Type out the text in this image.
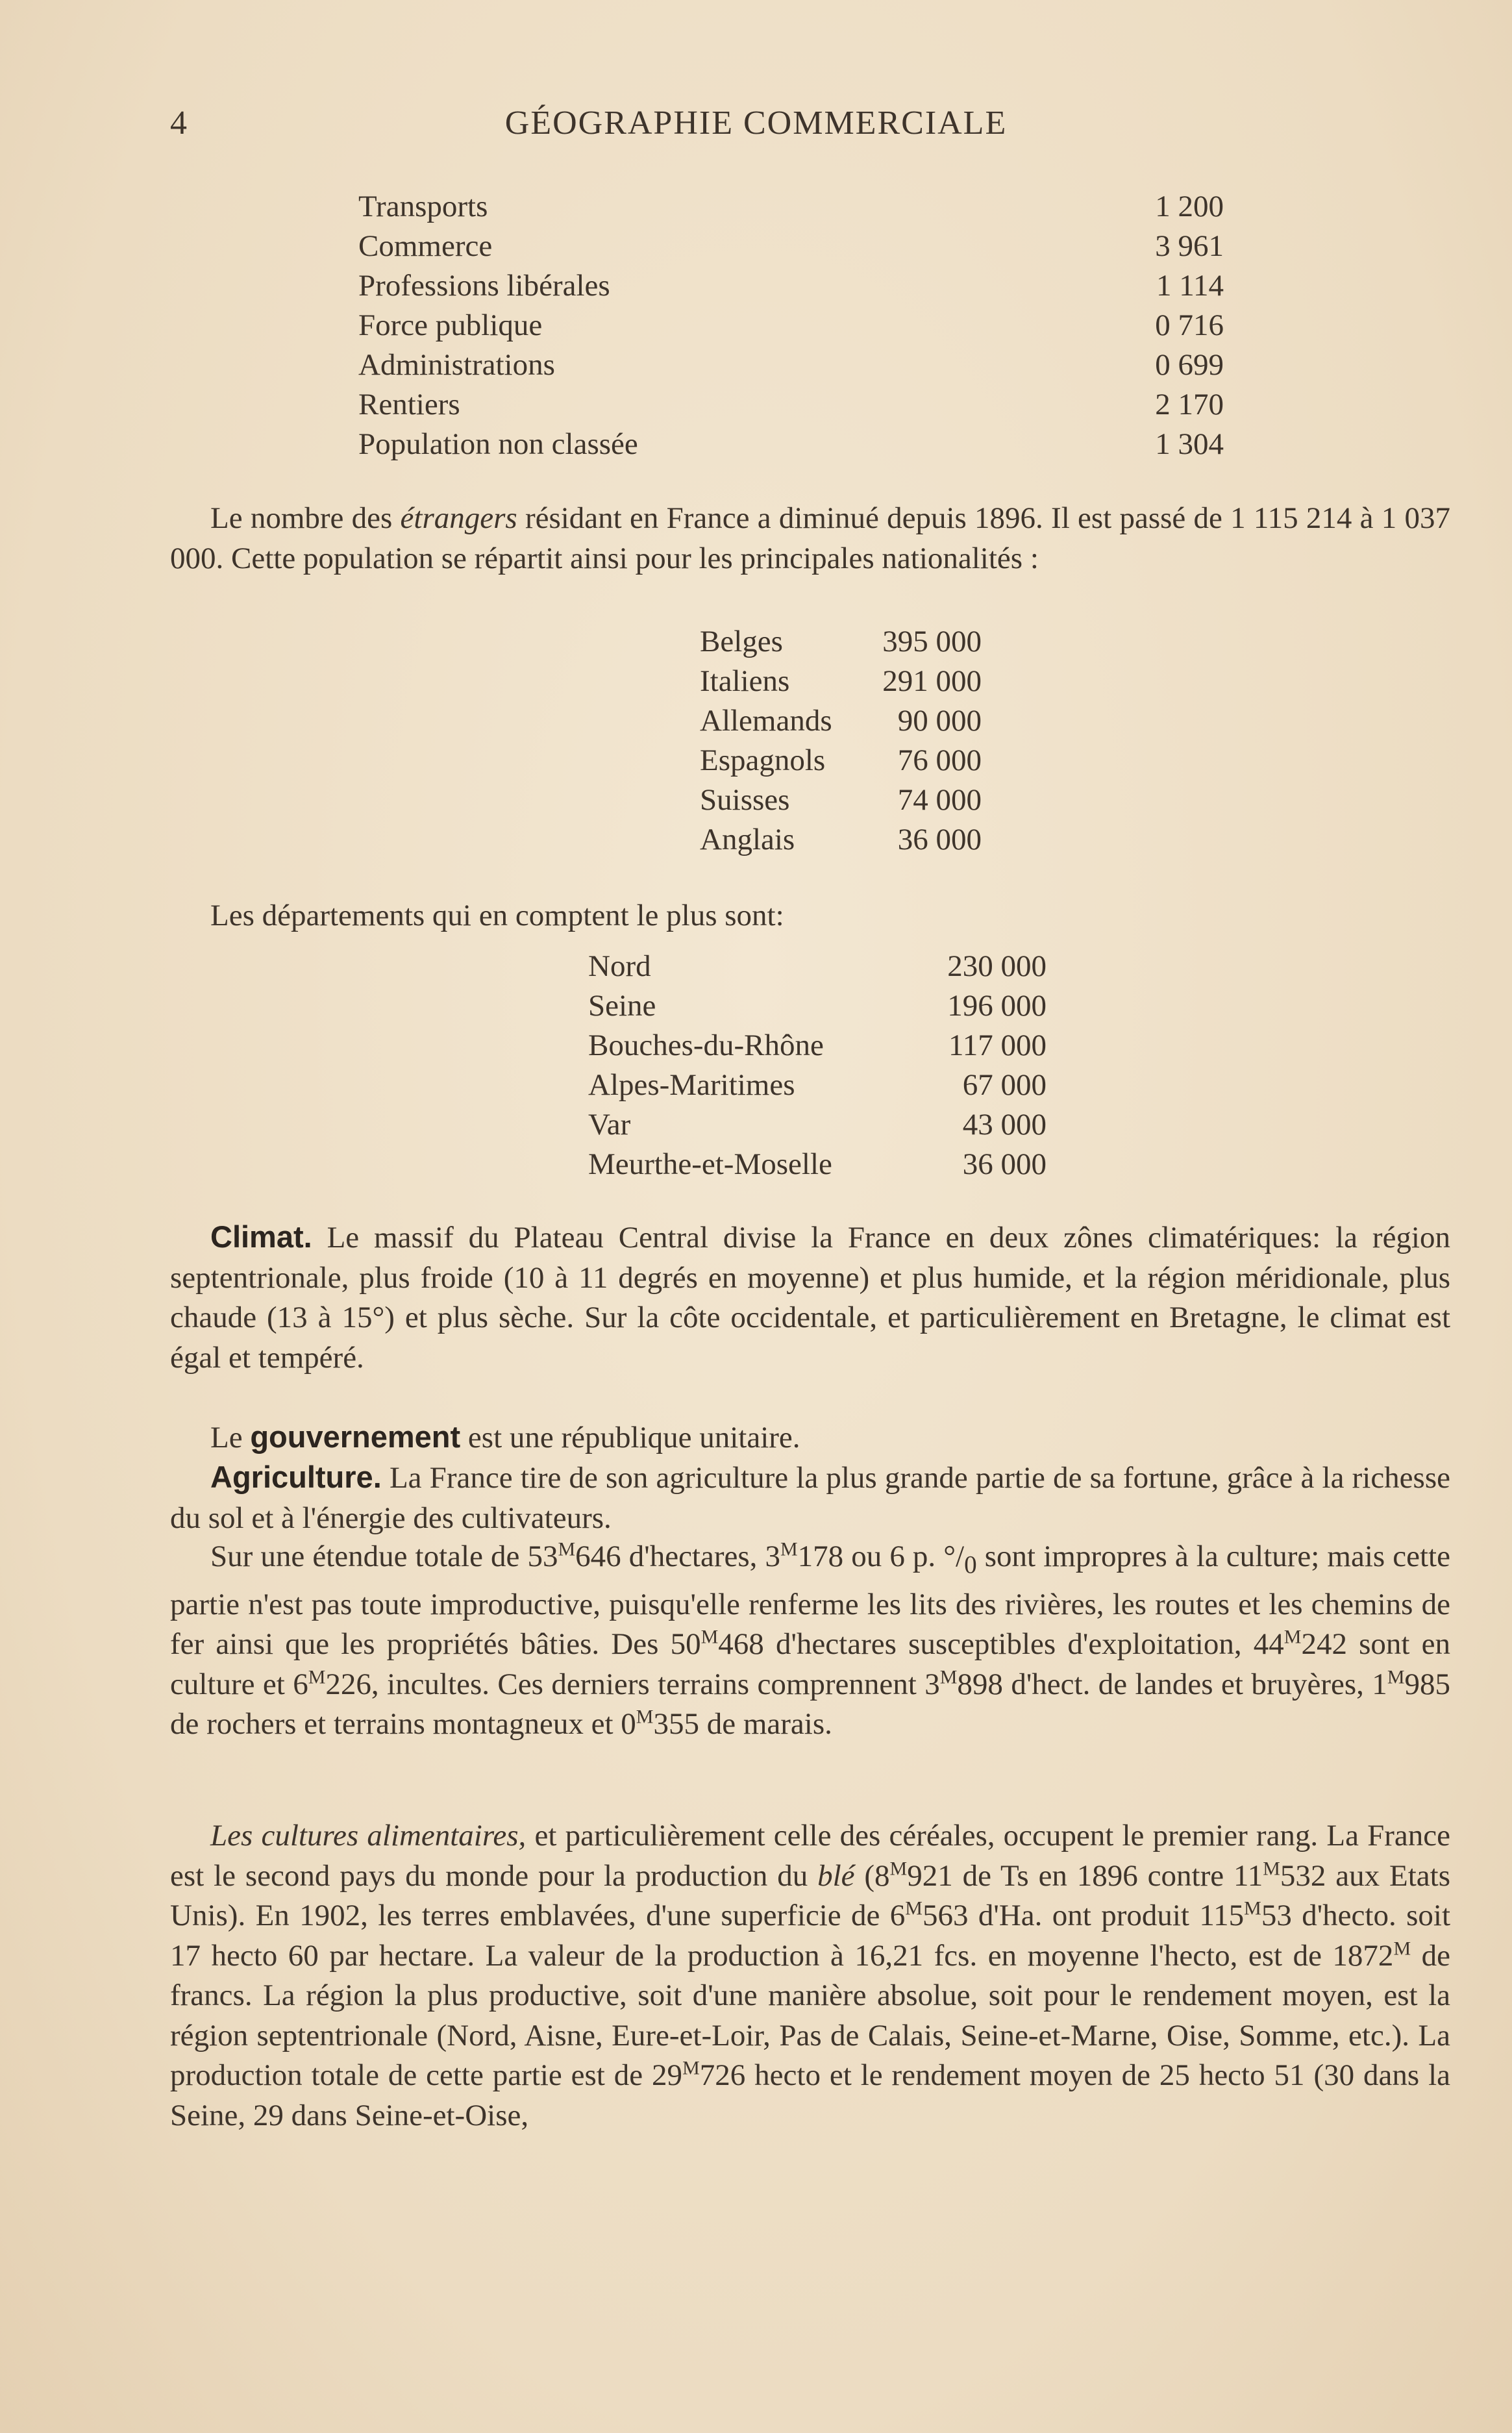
4	GÉOGRAPHIE COMMERCIALE
Transports	1 200
Commerce	3 961
Professions libérales	1 114
Force publique	0 716
Administrations	0 699
Rentiers	2 170
Population non classée	1 304

Le nombre des étrangers résidant en France a diminué depuis 1896. Il est passé de 1 115 214 à 1 037 000. Cette population se répartit ainsi pour les principales nationalités :

Belges	395 000
Italiens	291 000
Allemands	90 000
Espagnols	76 000
Suisses	74 000
Anglais	36 000

Les départements qui en comptent le plus sont:

Nord	230 000
Seine	196 000
Bouches-du-Rhône	117 000
Alpes-Maritimes	67 000
Var	43 000
Meurthe-et-Moselle	36 000

Climat. Le massif du Plateau Central divise la France en deux zônes climatériques: la région septentrionale, plus froide (10 à 11 degrés en moyenne) et plus humide, et la région méridionale, plus chaude (13 à 15°) et plus sèche. Sur la côte occidentale, et particulièrement en Bretagne, le climat est égal et tempéré.

Le gouvernement est une république unitaire.

Agriculture. La France tire de son agriculture la plus grande partie de sa fortune, grâce à la richesse du sol et à l'énergie des cultivateurs.

Sur une étendue totale de $53^M646$ d'hectares, $3^M178$ ou 6 p. $^\circ/_0$ sont impropres à la culture; mais cette partie n'est pas toute improductive, puisqu'elle renferme les lits des rivières, les routes et les chemins de fer ainsi que les propriétés bâties. Des $50^M468$ d'hectares susceptibles d'exploitation, $44^M242$ sont en culture et $6^M226$, incultes. Ces derniers terrains comprennent $3^M898$ d'hect. de landes et bruyères, $1^M985$ de rochers et terrains montagneux et $0^M355$ de marais.

Les cultures alimentaires, et particulièrement celle des céréales, occupent le premier rang. La France est le second pays du monde pour la production du blé ($8^M921$ de Ts en 1896 contre $11^M532$ aux Etats Unis). En 1902, les terres emblavées, d'une superficie de $6^M563$ d'Ha. ont produit $115^M53$ d'hecto. soit 17 hecto 60 par hectare. La valeur de la production à 16,21 fcs. en moyenne l'hecto, est de $1872^M$ de francs. La région la plus productive, soit d'une manière absolue, soit pour le rendement moyen, est la région septentrionale (Nord, Aisne, Eure-et-Loir, Pas de Calais, Seine-et-Marne, Oise, Somme, etc.). La production totale de cette partie est de $29^M726$ hecto et le rendement moyen de 25 hecto 51 (30 dans la Seine, 29 dans Seine-et-Oise,
